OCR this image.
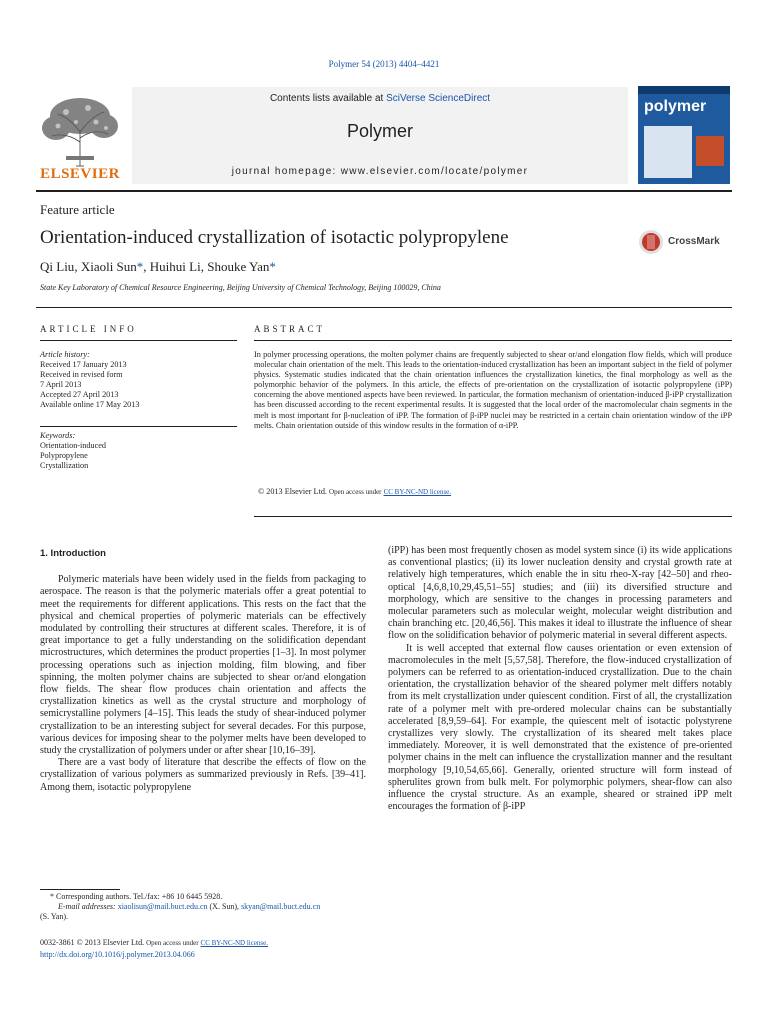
Polymer 54 (2013) 4404–4421
ELSEVIER
Contents lists available at SciVerse ScienceDirect
Polymer
journal homepage: www.elsevier.com/locate/polymer
polymer
Feature article
Orientation-induced crystallization of isotactic polypropylene	CrossMark
Qi Liu, Xiaoli Sun*, Huihui Li, Shouke Yan*
State Key Laboratory of Chemical Resource Engineering, Beijing University of Chemical Technology, Beijing 100029, China
ARTICLE INFO	ABSTRACT
Article history:
Received 17 January 2013
Received in revised form
7 April 2013
Accepted 27 April 2013
Available online 17 May 2013
Keywords:
Orientation-induced
Polypropylene
Crystallization
In polymer processing operations, the molten polymer chains are frequently subjected to shear or/and elongation flow fields, which will produce molecular chain orientation of the melt. This leads to the orientation-induced crystallization has been an important subject in the field of polymer physics. Systematic studies indicated that the chain orientation influences the crystallization kinetics, the final morphology as well as the polymorphic behavior of the polymers. In this article, the effects of pre-orientation on the crystallization of isotactic polypropylene (iPP) concerning the above mentioned aspects have been reviewed. In particular, the formation mechanism of orientation-induced β-iPP crystallization has been discussed according to the recent experimental results. It is suggested that the local order of the macromolecular chain segments in the melt is most important for β-nucleation of iPP. The formation of β-iPP nuclei may be restricted in a certain chain orientation window of the iPP melts. Chain orientation outside of this window results in the formation of α-iPP.
© 2013 Elsevier Ltd. Open access under CC BY-NC-ND license.

1. Introduction

Polymeric materials have been widely used in the fields from packaging to aerospace. The reason is that the polymeric materials offer a great potential to meet the requirements for different applications. This rests on the fact that the physical and chemical properties of polymeric materials can be effectively modulated by controlling their structures at different scales. Therefore, it is of great importance to get a fully understanding on the solidification dependant microstructures, which determines the product properties [1–3]. In most polymer processing operations such as injection molding, film blowing, and fiber spinning, the molten polymer chains are subjected to shear or/and elongation flow fields. The shear flow produces chain orientation and affects the crystallization kinetics as well as the crystal structure and morphology of semicrystalline polymers [4–15]. This leads the study of shear-induced polymer crystallization to be an interesting subject for several decades. For this purpose, various devices for imposing shear to the polymer melts have been developed to study the crystallization of polymers under or after shear [10,16–39].

There are a vast body of literature that describe the effects of flow on the crystallization of various polymers as summarized previously in Refs. [39–41]. Among them, isotactic polypropylene

(iPP) has been most frequently chosen as model system since (i) its wide applications as conventional plastics; (ii) its lower nucleation density and crystal growth rate at relatively high temperatures, which enable the in situ rheo-X-ray [42–50] and rheo-optical [4,6,8,10,29,45,51–55] studies; and (iii) its diversified structure and morphology, which are sensitive to the changes in processing parameters and molecular parameters such as molecular weight, molecular weight distribution and chain branching etc. [20,46,56]. This makes it ideal to illustrate the influence of shear flow on the solidification behavior of polymeric material in several different aspects.

It is well accepted that external flow causes orientation or even extension of macromolecules in the melt [5,57,58]. Therefore, the flow-induced crystallization of polymers can be referred to as orientation-induced crystallization. Due to the chain orientation, the crystallization behavior of the sheared polymer melt differs notably from its melt crystallization under quiescent condition. First of all, the crystallization rate of a polymer melt with pre-ordered molecular chains can be substantially accelerated [8,9,59–64]. For example, the quiescent melt of isotactic polystyrene crystallizes very slowly. The crystallization of its sheared melt takes place immediately. Moreover, it is well demonstrated that the existence of pre-oriented polymer chains in the melt can influence the crystallization manner and the resultant morphology [9,10,54,65,66]. Generally, oriented structure will form instead of spherulites grown from bulk melt. For polymorphic polymers, shear-flow can also influence the crystal structure. As an example, sheared or strained iPP melt encourages the formation of β-iPP

* Corresponding authors. Tel./fax: +86 10 6445 5928.
E-mail addresses: xiaolisun@mail.buct.edu.cn (X. Sun), skyan@mail.buct.edu.cn
(S. Yan).
0032-3861 © 2013 Elsevier Ltd. Open access under CC BY-NC-ND license.
http://dx.doi.org/10.1016/j.polymer.2013.04.066
